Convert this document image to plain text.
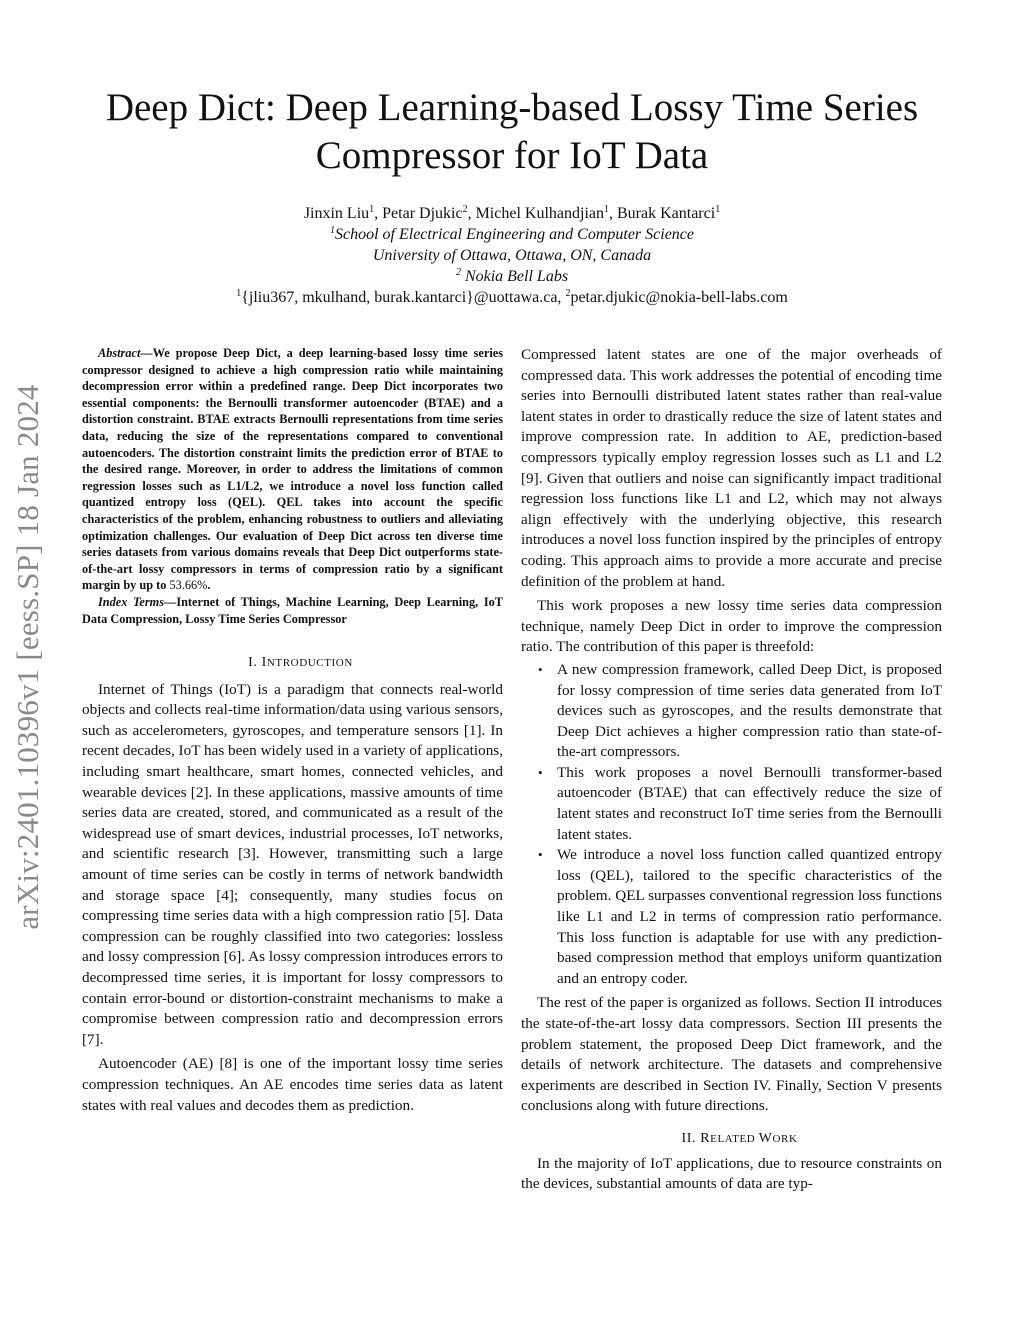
arXiv:2401.10396v1 [eess.SP] 18 Jan 2024
Deep Dict: Deep Learning-based Lossy Time Series
Compressor for IoT Data
Jinxin Liu$^1$, Petar Djukic$^2$, Michel Kulhandjian$^1$, Burak Kantarci$^1$
$^1$School of Electrical Engineering and Computer Science
University of Ottawa, Ottawa, ON, Canada
$^2$ Nokia Bell Labs
$^1${jliu367, mkulhand, burak.kantarci}@uottawa.ca, $^2$petar.djukic@nokia-bell-labs.com

Abstract—We propose Deep Dict, a deep learning-based lossy time series compressor designed to achieve a high compression ratio while maintaining decompression error within a predefined range. Deep Dict incorporates two essential components: the Bernoulli transformer autoencoder (BTAE) and a distortion constraint. BTAE extracts Bernoulli representations from time series data, reducing the size of the representations compared to conventional autoencoders. The distortion constraint limits the prediction error of BTAE to the desired range. Moreover, in order to address the limitations of common regression losses such as L1/L2, we introduce a novel loss function called quantized entropy loss (QEL). QEL takes into account the specific characteristics of the problem, enhancing robustness to outliers and alleviating optimization challenges. Our evaluation of Deep Dict across ten diverse time series datasets from various domains reveals that Deep Dict outperforms state-of-the-art lossy compressors in terms of compression ratio by a significant margin by up to 53.66%.

Index Terms—Internet of Things, Machine Learning, Deep Learning, IoT Data Compression, Lossy Time Series Compressor

I. INTRODUCTION

Internet of Things (IoT) is a paradigm that connects real-world objects and collects real-time information/data using various sensors, such as accelerometers, gyroscopes, and temperature sensors [1]. In recent decades, IoT has been widely used in a variety of applications, including smart healthcare, smart homes, connected vehicles, and wearable devices [2]. In these applications, massive amounts of time series data are created, stored, and communicated as a result of the widespread use of smart devices, industrial processes, IoT networks, and scientific research [3]. However, transmitting such a large amount of time series can be costly in terms of network bandwidth and storage space [4]; consequently, many studies focus on compressing time series data with a high compression ratio [5]. Data compression can be roughly classified into two categories: lossless and lossy compression [6]. As lossy compression introduces errors to decompressed time series, it is important for lossy compressors to contain error-bound or distortion-constraint mechanisms to make a compromise between compression ratio and decompression errors [7].

Autoencoder (AE) [8] is one of the important lossy time series compression techniques. An AE encodes time series data as latent states with real values and decodes them as prediction.

Compressed latent states are one of the major overheads of compressed data. This work addresses the potential of encoding time series into Bernoulli distributed latent states rather than real-value latent states in order to drastically reduce the size of latent states and improve compression rate. In addition to AE, prediction-based compressors typically employ regression losses such as L1 and L2 [9]. Given that outliers and noise can significantly impact traditional regression loss functions like L1 and L2, which may not always align effectively with the underlying objective, this research introduces a novel loss function inspired by the principles of entropy coding. This approach aims to provide a more accurate and precise definition of the problem at hand.

This work proposes a new lossy time series data compression technique, namely Deep Dict in order to improve the compression ratio. The contribution of this paper is threefold:

• A new compression framework, called Deep Dict, is proposed for lossy compression of time series data generated from IoT devices such as gyroscopes, and the results demonstrate that Deep Dict achieves a higher compression ratio than state-of-the-art compressors.
• This work proposes a novel Bernoulli transformer-based autoencoder (BTAE) that can effectively reduce the size of latent states and reconstruct IoT time series from the Bernoulli latent states.
• We introduce a novel loss function called quantized entropy loss (QEL), tailored to the specific characteristics of the problem. QEL surpasses conventional regression loss functions like L1 and L2 in terms of compression ratio performance. This loss function is adaptable for use with any prediction-based compression method that employs uniform quantization and an entropy coder.

The rest of the paper is organized as follows. Section II introduces the state-of-the-art lossy data compressors. Section III presents the problem statement, the proposed Deep Dict framework, and the details of network architecture. The datasets and comprehensive experiments are described in Section IV. Finally, Section V presents conclusions along with future directions.

II. RELATED WORK

In the majority of IoT applications, due to resource constraints on the devices, substantial amounts of data are typ-
